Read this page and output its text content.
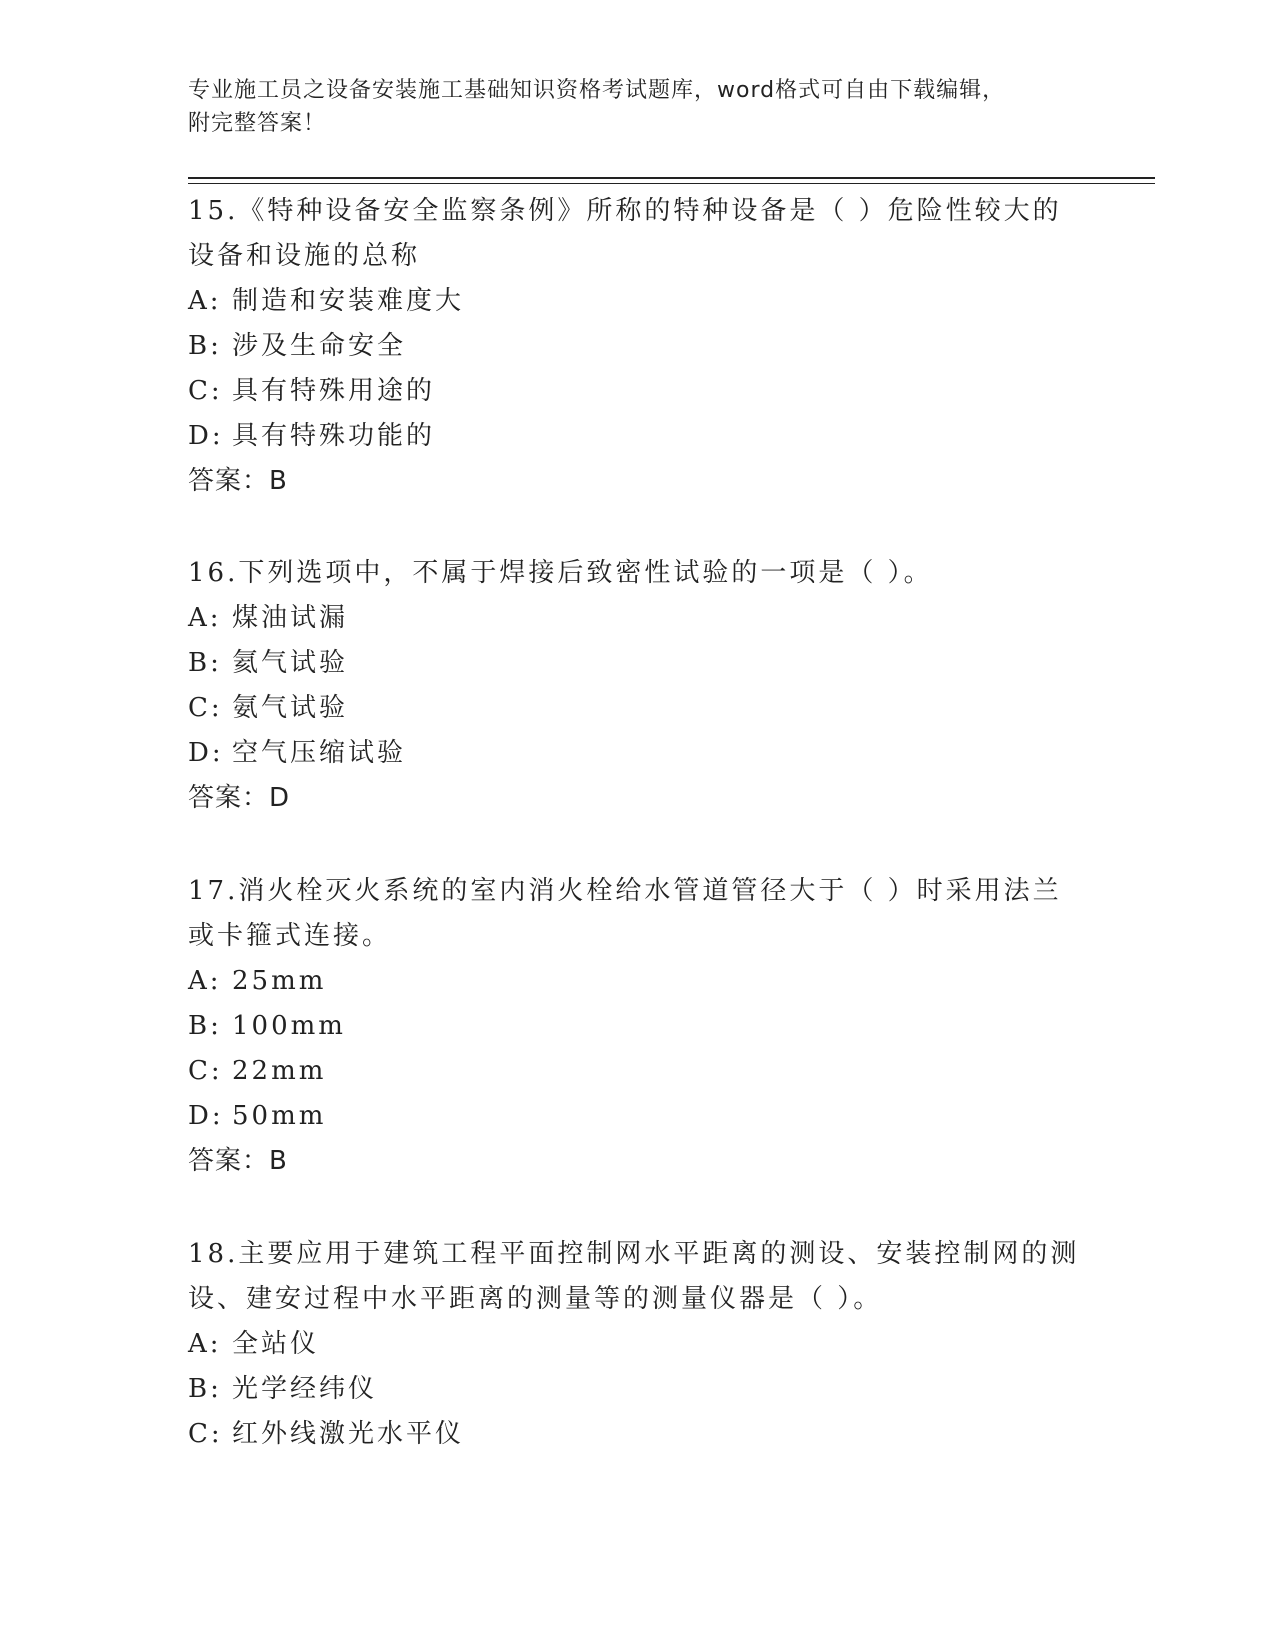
专业施工员之设备安装施工基础知识资格考试题库，word格式可自由下载编辑，
附完整答案！
15.《特种设备安全监察条例》所称的特种设备是（ ）危险性较大的设备和设施的总称
A: 制造和安装难度大
B: 涉及生命安全
C: 具有特殊用途的
D: 具有特殊功能的
答案：B
16.下列选项中，不属于焊接后致密性试验的一项是（ ）。
A: 煤油试漏
B: 氦气试验
C: 氨气试验
D: 空气压缩试验
答案：D
17.消火栓灭火系统的室内消火栓给水管道管径大于（ ）时采用法兰或卡箍式连接。
A: 25mm
B: 100mm
C: 22mm
D: 50mm
答案：B
18.主要应用于建筑工程平面控制网水平距离的测设、安装控制网的测设、建安过程中水平距离的测量等的测量仪器是（ ）。
A: 全站仪
B: 光学经纬仪
C: 红外线激光水平仪
